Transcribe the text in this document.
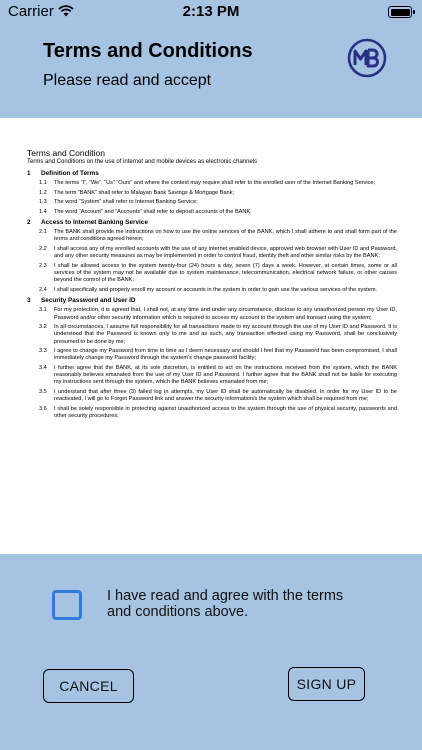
Carrier	2:13 PM
Terms and Conditions
Please read and accept
Terms and Condition
Terms and Conditions on the use of internet and mobile devices as electronic channels
1	Definition of Terms
1.1	The terms “I”, “We”, “Us” “Ours” and where the context may require shall refer to the enrolled user of the Internet Banking Service;
1.2	The term “BANK” shall refer to Malayan Bank Savings & Mortgage Bank;
1.3	The word “System” shall refer to Internet Banking Service;
1.4	The word “Account” and “Accounts” shall refer to deposit accounts of the BANK.
2	Access to Internet Banking Service
2.1	The BANK shall provide me instructions on how to use the online services of the BANK, which I shall adhere to and shall form part of the terms and conditions agreed herein;
2.2	I shall access any of my enrolled accounts with the use of any internet enabled device, approved web browser with User ID and Password, and any other security measures as may be implemented in order to control fraud, identity theft and other similar risks by the BANK;
2.3	I shall be allowed access to the system twenty-four (24) hours a day, seven (7) days a week. However, at certain times, some or all services of the system may not be available due to system maintenance, telecommunication, electrical network failure, or other causes beyond the control of the BANK;
2.4	I shall specifically and properly enroll my account or accounts in the system in order to gain use the various services of the system.
3	Security Password and User ID
3.1	For my protection, it is agreed that, I shall not, at any time and under any circumstance, disclose to any unauthorized person my User ID, Password and/or other security information which is required to access my account to the system and transact using the system;
3.2	In all circumstances, I assume full responsibility for all transactions made to my account through the use of my User ID and Password. It is understood that the Password is known only to me and as such, any transaction effected using my Password, shall be conclusively presumed to be done by me;
3.3	I agree to change my Password from time to time as I deem necessary and should I feel that my Password has been compromised, I shall immediately change my Password through the system’s change password facility;
3.4	I further agree that the BANK, at its sole discretion, is entitled to act on the instructions received from the system, which the BANK reasonably believes emanated from the use of my User ID and Password. I further agree that the BANK shall not be liable for executing my instructions sent through the system, which the BANK believes emanated from me;
3.5	I understand that after three (3) failed log in attempts, my User ID shall be automatically be disabled. In order for my User ID to be reactivated, I will go to Forget Password link and answer the security information/s the system which shall be required from me;
3.6	I shall be solely responsible in protecting against unauthorized access to the system through the use of physical security, passwords and other security procedures;
I have read and agree with the terms and conditions above.
CANCEL	SIGN UP
